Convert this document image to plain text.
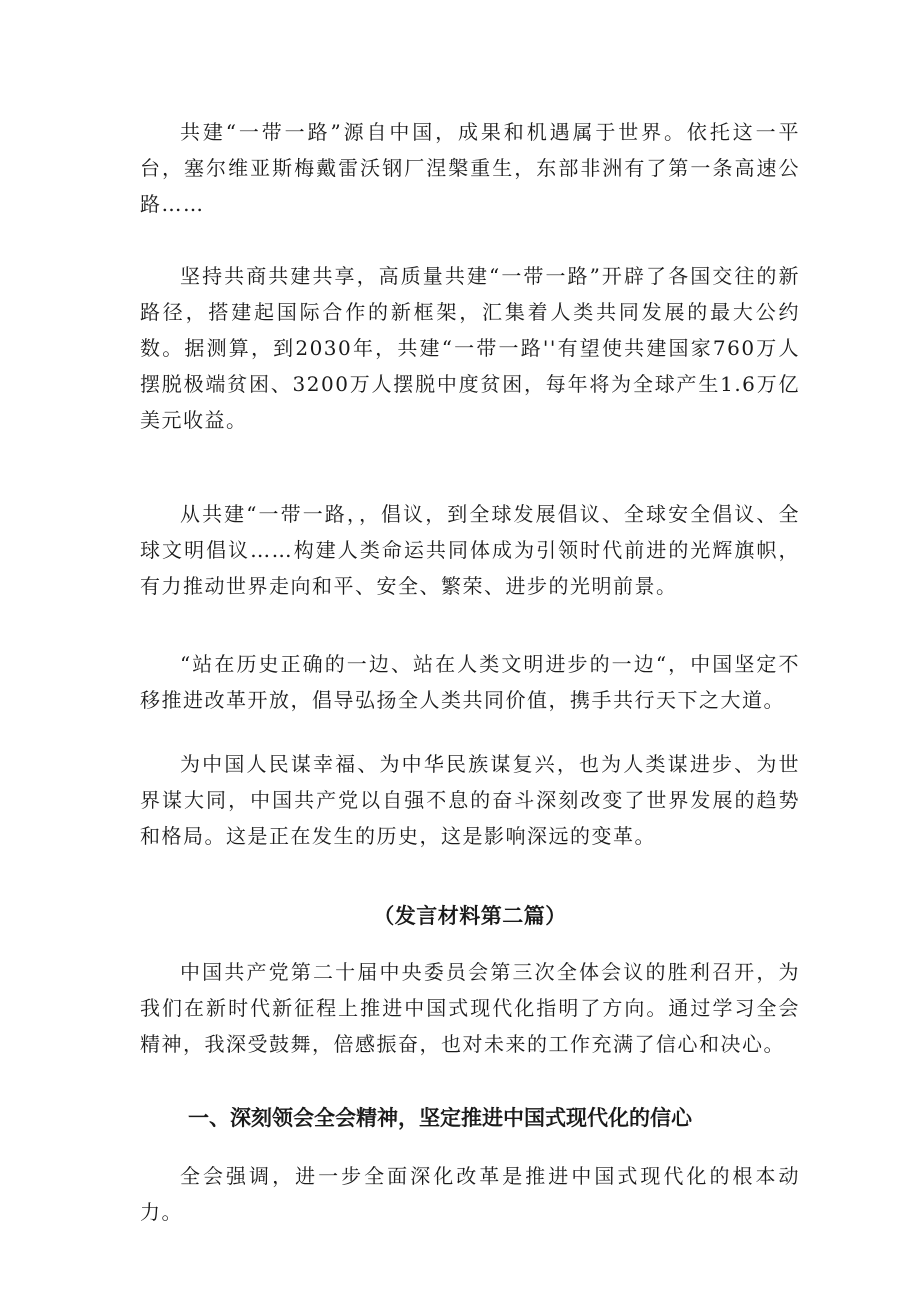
共建“一带一路”源自中国，成果和机遇属于世界。依托这一平台，塞尔维亚斯梅戴雷沃钢厂涅槃重生，东部非洲有了第一条高速公路……

坚持共商共建共享，高质量共建“一带一路”开辟了各国交往的新路径，搭建起国际合作的新框架，汇集着人类共同发展的最大公约数。据测算，到2030年，共建“一带一路''有望使共建国家760万人摆脱极端贫困、3200万人摆脱中度贫困，每年将为全球产生1.6万亿美元收益。

从共建“一带一路，，倡议，到全球发展倡议、全球安全倡议、全球文明倡议……构建人类命运共同体成为引领时代前进的光辉旗帜，有力推动世界走向和平、安全、繁荣、进步的光明前景。

“站在历史正确的一边、站在人类文明进步的一边“，中国坚定不移推进改革开放，倡导弘扬全人类共同价值，携手共行天下之大道。

为中国人民谋幸福、为中华民族谋复兴，也为人类谋进步、为世界谋大同，中国共产党以自强不息的奋斗深刻改变了世界发展的趋势和格局。这是正在发生的历史，这是影响深远的变革。

（发言材料第二篇）

中国共产党第二十届中央委员会第三次全体会议的胜利召开，为我们在新时代新征程上推进中国式现代化指明了方向。通过学习全会精神，我深受鼓舞，倍感振奋，也对未来的工作充满了信心和决心。

一、深刻领会全会精神，坚定推进中国式现代化的信心

全会强调，进一步全面深化改革是推进中国式现代化的根本动力。
